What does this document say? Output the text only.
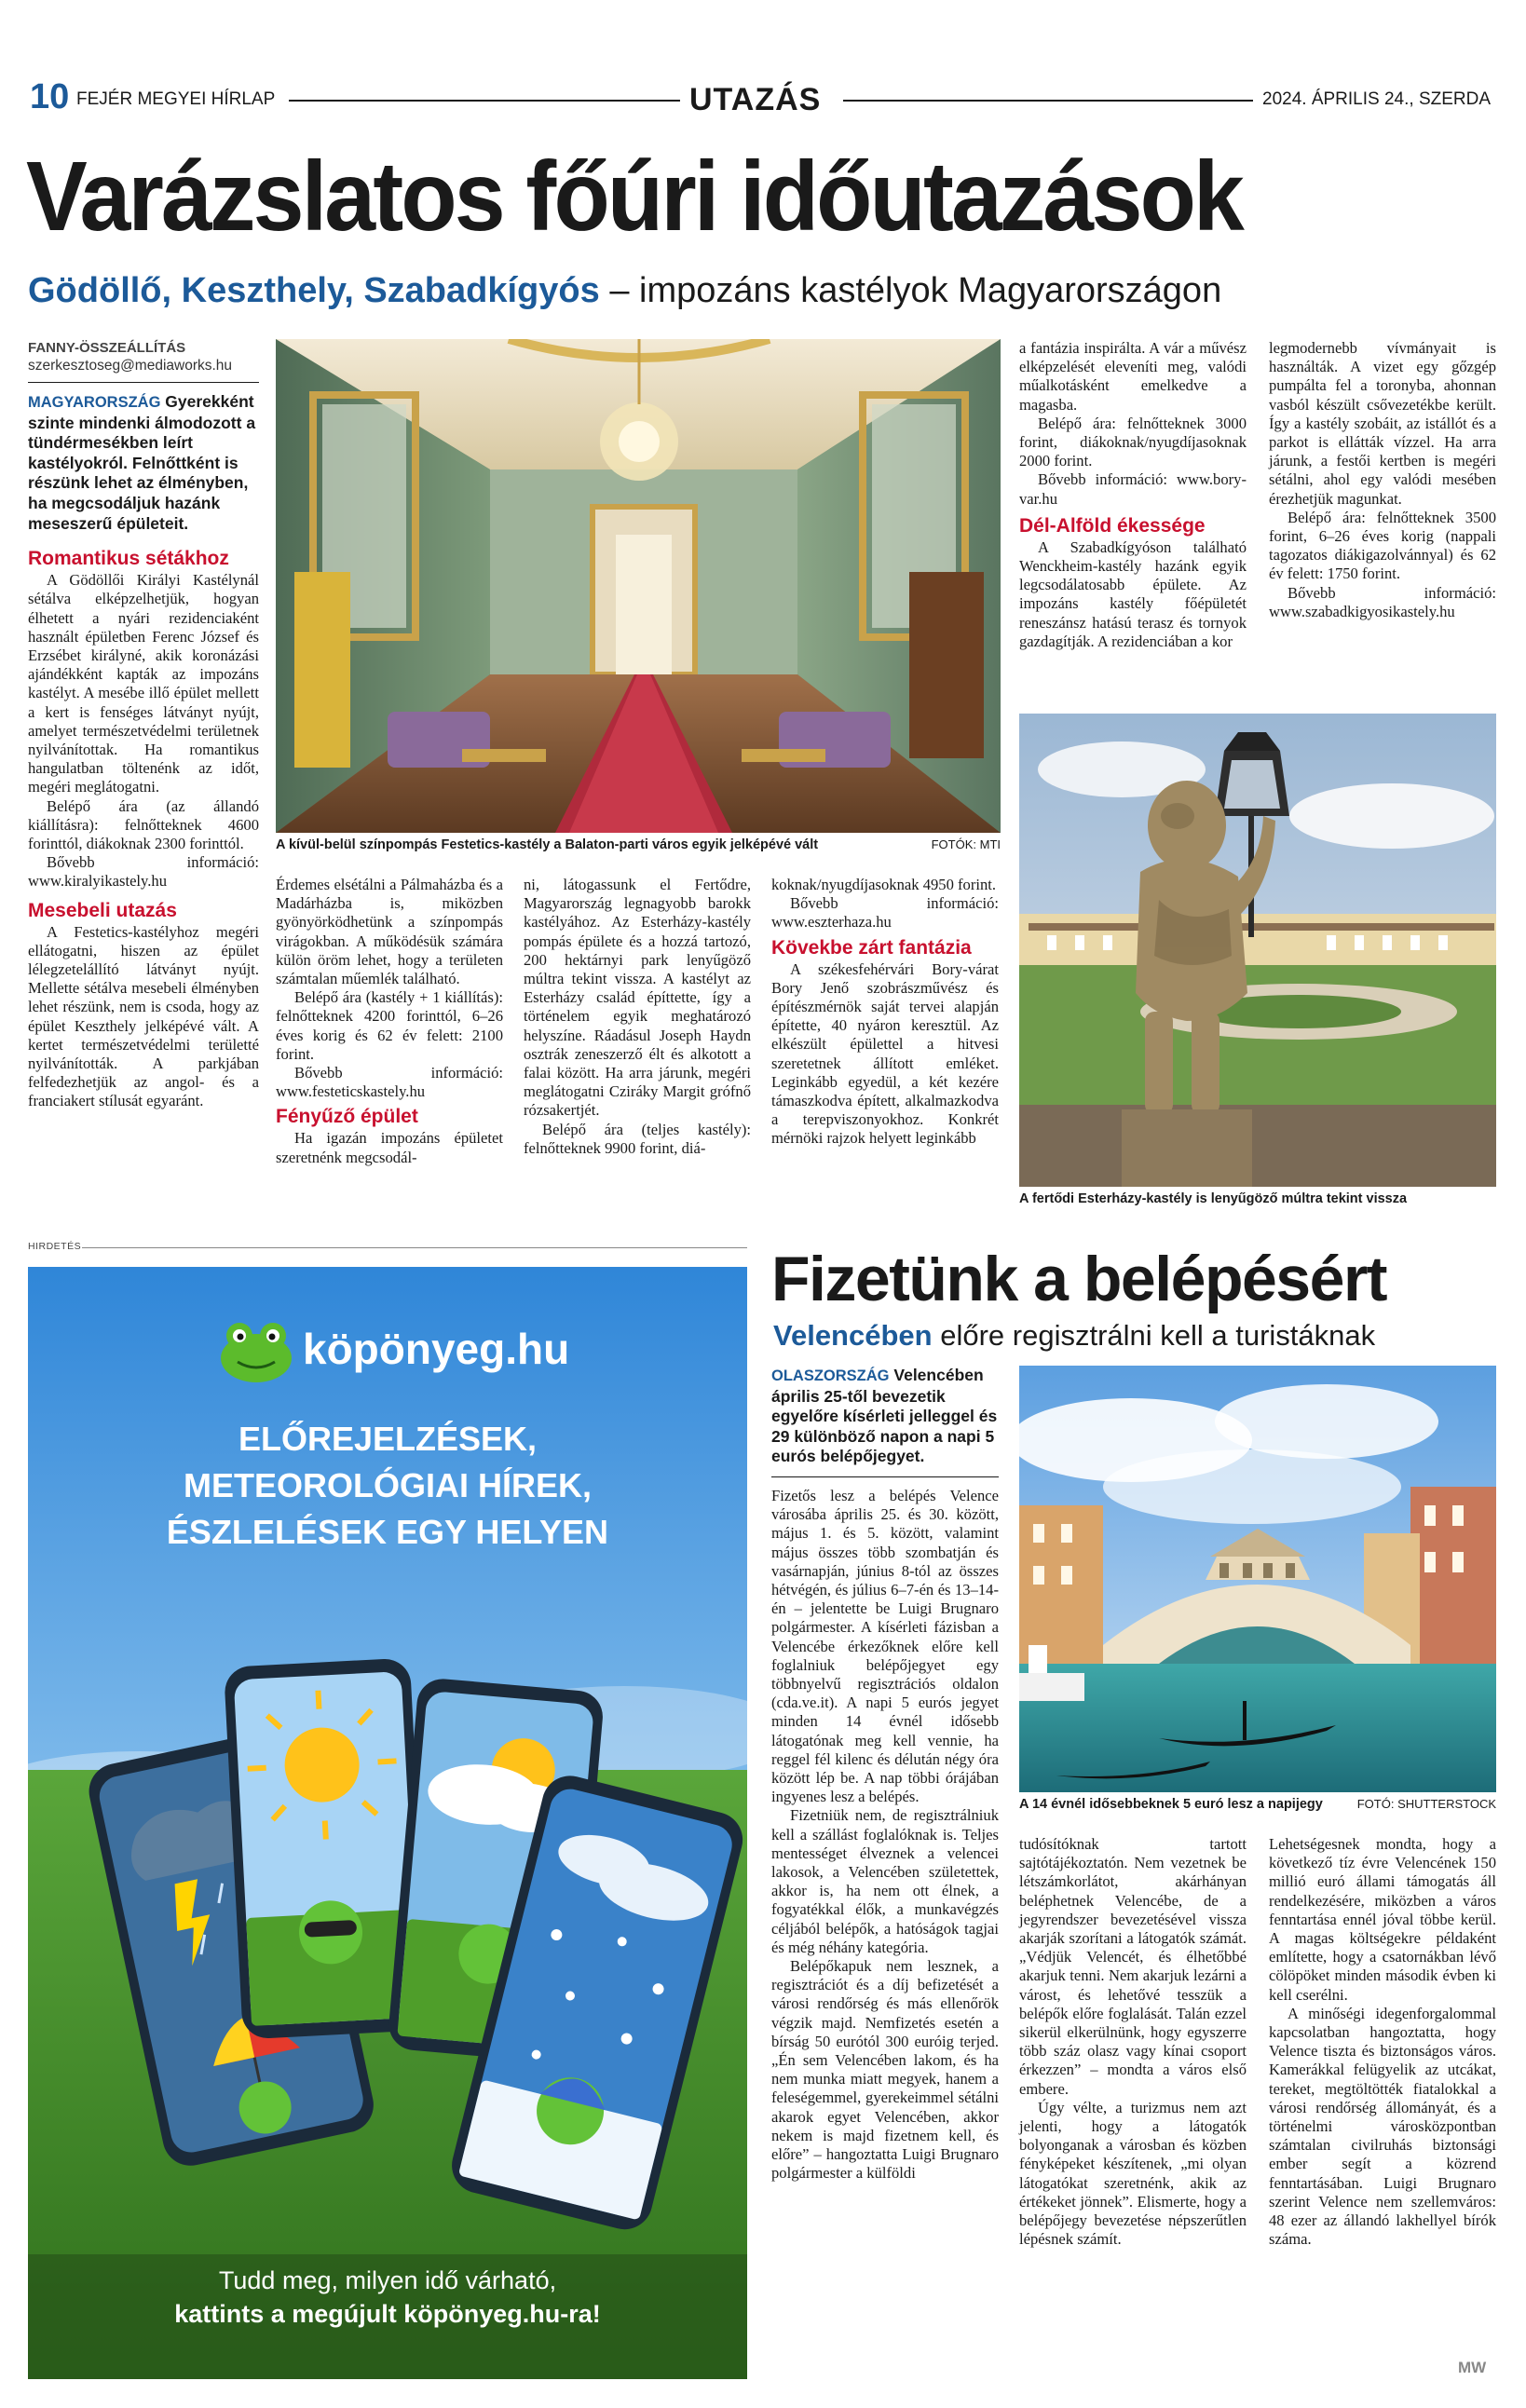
10 FEJÉR MEGYEI HÍRLAP	UTAZÁS	2024. ÁPRILIS 24., SZERDA
Varázslatos főúri időutazások
Gödöllő, Keszthely, Szabadkígyós – impozáns kastélyok Magyarországon
FANNY-ÖSSZEÁLLÍTÁS
szerkesztoseg@mediaworks.hu
MAGYARORSZÁG Gyerekként szinte mindenki álmodozott a tündérmesékben leírt kastélyokról. Felnőttként is részünk lehet az élményben, ha megcsodáljuk hazánk meseszerű épületeit.
Romantikus sétákhoz

A Gödöllői Királyi Kastélynál sétálva elképzelhetjük, hogyan élhetett a nyári rezidenciaként használt épületben Ferenc József és Erzsébet királyné, akik koronázási ajándékként kapták az impozáns kastélyt. A mesébe illő épület mellett a kert is fenséges látványt nyújt, amelyet természetvédelmi területnek nyilvánítottak. Ha romantikus hangulatban töltenénk az időt, megéri meglátogatni.

Belépő ára (az állandó kiállításra): felnőtteknek 4600 forinttól, diákoknak 2300 forinttól.

Bővebb információ: www.kiralyikastely.hu

Mesebeli utazás

A Festetics-kastélyhoz megéri ellátogatni, hiszen az épület lélegzetelállító látványt nyújt. Mellette sétálva mesebeli élményben lehet részünk, nem is csoda, hogy az épület Keszthely jelképévé vált. A kertet természetvédelmi területté nyilvánították. A parkjában felfedezhetjük az angol- és a franciakert stílusát egyaránt.

A kívül-belül színpompás Festetics-kastély a Balaton-parti város egyik jelképévé vált	FOTÓK: MTI

Érdemes elsétálni a Pálmaházba és a Madárházba is, miközben gyönyörködhetünk a színpompás virágokban. A működésük számára külön öröm lehet, hogy a területen számtalan műemlék található.

Belépő ára (kastély + 1 kiállítás): felnőtteknek 4200 forinttól, 6–26 éves korig és 62 év felett: 2100 forint.

Bővebb információ: www.festeticskastely.hu

Fényűző épület

Ha igazán impozáns épületet szeretnénk megcsodál-

ni, látogassunk el Fertődre, Magyarország legnagyobb barokk kastélyához. Az Esterházy-kastély pompás épülete és a hozzá tartozó, 200 hektárnyi park lenyűgöző múltra tekint vissza. A kastélyt az Esterházy család építtette, így a történelem egyik meghatározó helyszíne. Ráadásul Joseph Haydn osztrák zeneszerző élt és alkotott a falai között. Ha arra járunk, megéri meglátogatni Cziráky Margit grófnő rózsakertjét.

Belépő ára (teljes kastély): felnőtteknek 9900 forint, diá-

koknak/nyugdíjasoknak 4950 forint.

Bővebb információ: www.eszterhaza.hu

Kövekbe zárt fantázia

A székesfehérvári Bory-várat Bory Jenő szobrászművész és építészmérnök saját tervei alapján építette, 40 nyáron keresztül. Az elkészült épülettel a hitvesi szeretetnek állított emléket. Leginkább egyedül, a két kezére támaszkodva épített, alkalmazkodva a terepviszonyokhoz. Konkrét mérnöki rajzok helyett leginkább

a fantázia inspirálta. A vár a művész elképzelését eleveníti meg, valódi műalkotásként emelkedve a magasba.

Belépő ára: felnőtteknek 3000 forint, diákoknak/nyugdíjasoknak 2000 forint.

Bővebb információ: www.bory-var.hu

Dél-Alföld ékessége

A Szabadkígyóson található Wenckheim-kastély hazánk egyik legcsodálatosabb épülete. Az impozáns kastély főépületét reneszánsz hatású terasz és tornyok gazdagítják. A rezidenciában a kor

legmodernebb vívmányait is használták. A vizet egy gőzgép pumpálta fel a toronyba, ahonnan vasból készült csővezetékbe került. Így a kastély szobáit, az istállót és a parkot is ellátták vízzel. Ha arra járunk, a festői kertben is megéri sétálni, ahol egy valódi mesében érezhetjük magunkat.

Belépő ára: felnőtteknek 3500 forint, 6–26 éves korig (nappali tagozatos diákigazolvánnyal) és 62 év felett: 1750 forint.

Bővebb információ: www.szabadkigyosikastely.hu

A fertődi Esterházy-kastély is lenyűgöző múltra tekint vissza
HIRDETÉS
köpönyeg.hu
ELŐREJELZÉSEK,
METEOROLÓGIAI HÍREK,
ÉSZLELÉSEK EGY HELYEN
Tudd meg, milyen idő várható,
kattints a megújult köpönyeg.hu-ra!
Fizetünk a belépésért
Velencében előre regisztrálni kell a turistáknak
OLASZORSZÁG Velencében április 25-től bevezetik egyelőre kísérleti jelleggel és 29 különböző napon a napi 5 eurós belépőjegyet.

Fizetős lesz a belépés Velence városába április 25. és 30. között, május 1. és 5. között, valamint május összes több szombatján és vasárnapján, június 8-tól az összes hétvégén, és július 6–7-én és 13–14-én – jelentette be Luigi Brugnaro polgármester. A kísérleti fázisban a Velencébe érkezőknek előre kell foglalniuk belépőjegyet egy többnyelvű regisztrációs oldalon (cda.ve.it). A napi 5 eurós jegyet minden 14 évnél idősebb látogatónak meg kell vennie, ha reggel fél kilenc és délután négy óra között lép be. A nap többi órájában ingyenes lesz a belépés.

Fizetniük nem, de regisztrálniuk kell a szállást foglalóknak is. Teljes mentességet élveznek a velencei lakosok, a Velencében születettek, akkor is, ha nem ott élnek, a fogyatékkal élők, a munkavégzés céljából belépők, a hatóságok tagjai és még néhány kategória.

Belépőkapuk nem lesznek, a regisztrációt és a díj befizetését a városi rendőrség és más ellenőrök végzik majd. Nemfizetés esetén a bírság 50 eurótól 300 euróig terjed. „Én sem Velencében lakom, és ha nem munka miatt megyek, hanem a feleségemmel, gyerekeimmel sétálni akarok egyet Velencében, akkor nekem is majd fizetnem kell, és előre” – hangoztatta Luigi Brugnaro polgármester a külföldi

A 14 évnél idősebbeknek 5 euró lesz a napijegy	FOTÓ: SHUTTERSTOCK

tudósítóknak tartott sajtótájékoztatón. Nem vezetnek be létszámkorlátot, akárhányan beléphetnek Velencébe, de a jegyrendszer bevezetésével vissza akarják szorítani a látogatók számát. „Védjük Velencét, és élhetőbbé akarjuk tenni. Nem akarjuk lezárni a várost, és lehetővé tesszük a belépők előre foglalását. Talán ezzel sikerül elkerülnünk, hogy egyszerre több száz olasz vagy kínai csoport érkezzen” – mondta a város első embere.

Úgy vélte, a turizmus nem azt jelenti, hogy a látogatók bolyonganak a városban és közben fényképeket készítenek, „mi olyan látogatókat szeretnénk, akik az értékeket jönnek”. Elismerte, hogy a belépőjegy bevezetése népszerűtlen lépésnek számít.

Lehetségesnek mondta, hogy a következő tíz évre Velencének 150 millió euró állami támogatás áll rendelkezésére, miközben a város fenntartása ennél jóval többe kerül. A magas költségekre példaként említette, hogy a csatornákban lévő cölöpöket minden második évben ki kell cserélni.

A minőségi idegenforgalommal kapcsolatban hangoztatta, hogy Velence tiszta és biztonságos város. Kamerákkal felügyelik az utcákat, tereket, megtöltötték fiatalokkal a városi rendőrség állományát, és a történelmi városközpontban számtalan civilruhás biztonsági ember segít a közrend fenntartásában. Luigi Brugnaro szerint Velence nem szellemváros: 48 ezer az állandó lakhellyel bírók száma.

MW
